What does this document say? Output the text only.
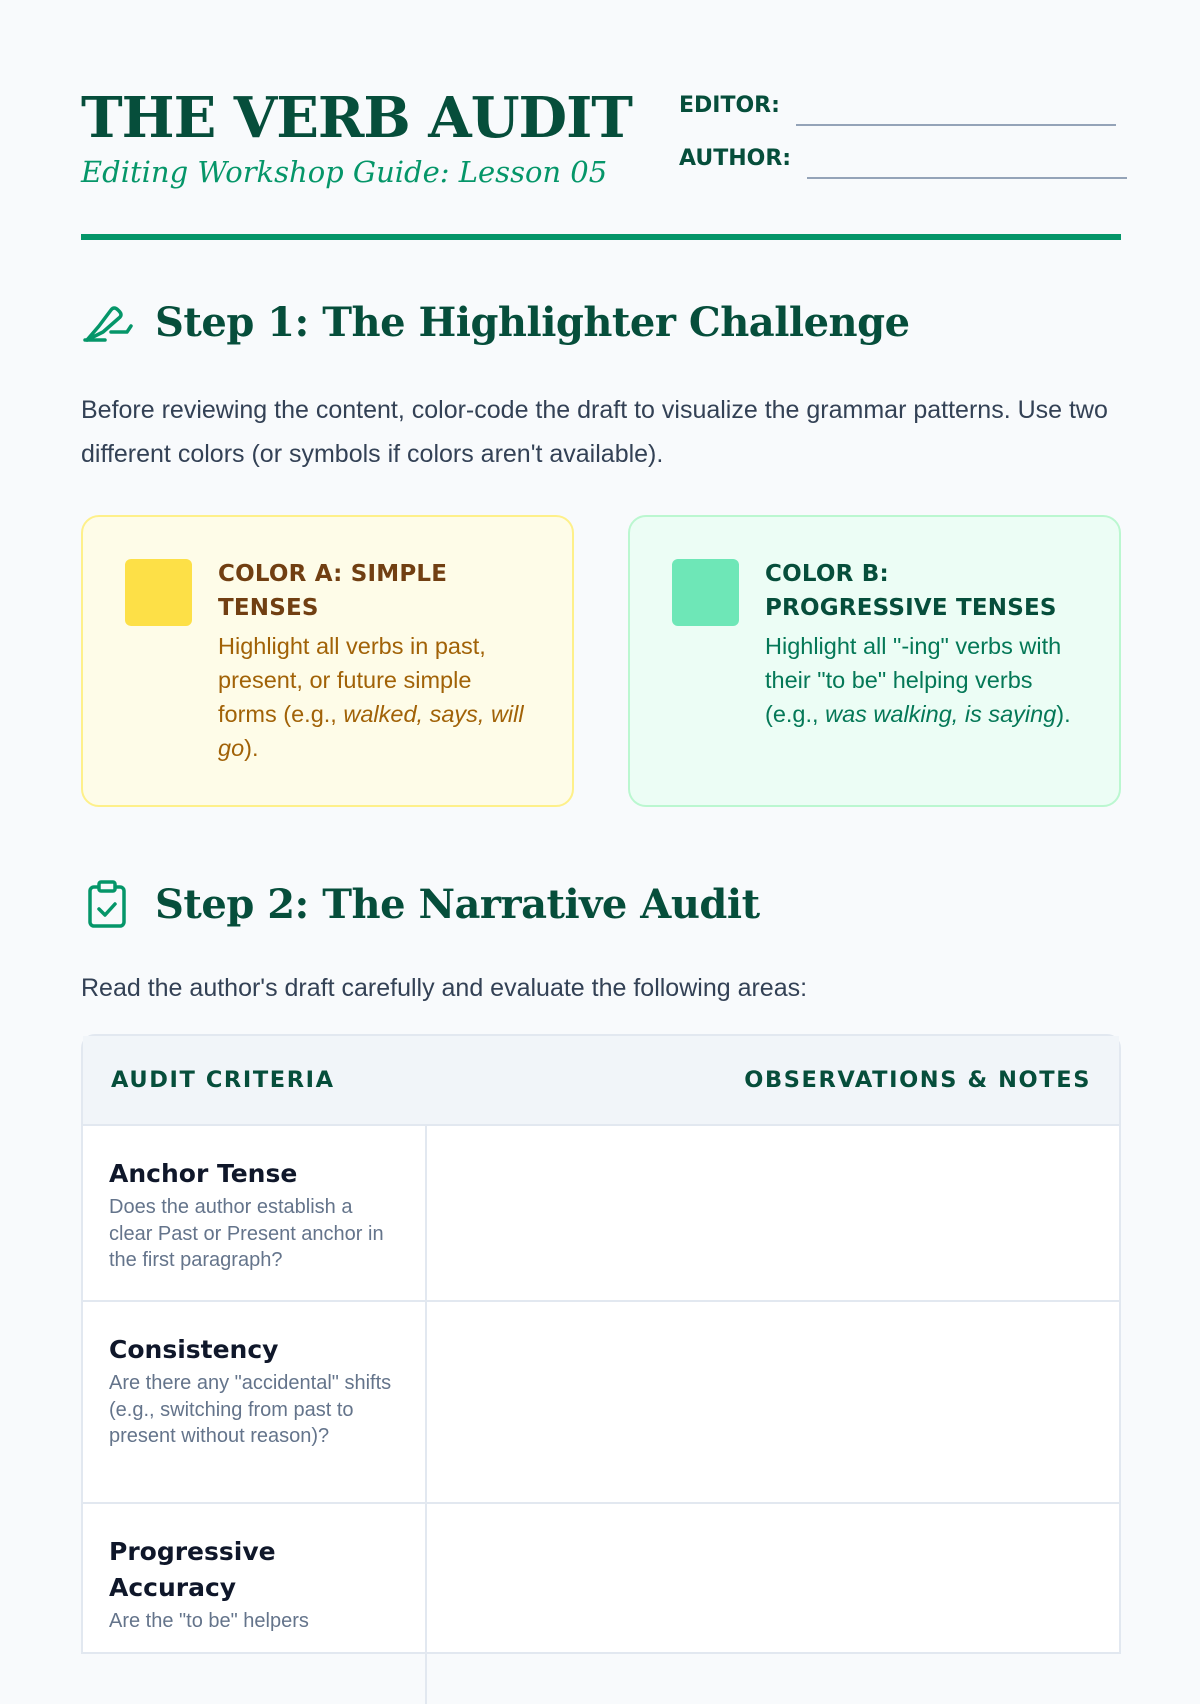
THE VERB AUDIT
Editing Workshop Guide: Lesson 05
EDITOR:
AUTHOR:
Step 1: The Highlighter Challenge
Before reviewing the content, color-code the draft to visualize the grammar patterns. Use two different colors (or symbols if colors aren't available).
COLOR A: SIMPLE TENSES
Highlight all verbs in past, present, or future simple forms (e.g., walked, says, will go).
COLOR B: PROGRESSIVE TENSES
Highlight all "-ing" verbs with their "to be" helping verbs (e.g., was walking, is saying).
Step 2: The Narrative Audit
Read the author's draft carefully and evaluate the following areas:
AUDIT CRITERIA	OBSERVATIONS & NOTES
Anchor Tense
Does the author establish a clear Past or Present anchor in the first paragraph?
Consistency
Are there any "accidental" shifts (e.g., switching from past to present without reason)?
Progressive Accuracy
Are the "to be" helpers
